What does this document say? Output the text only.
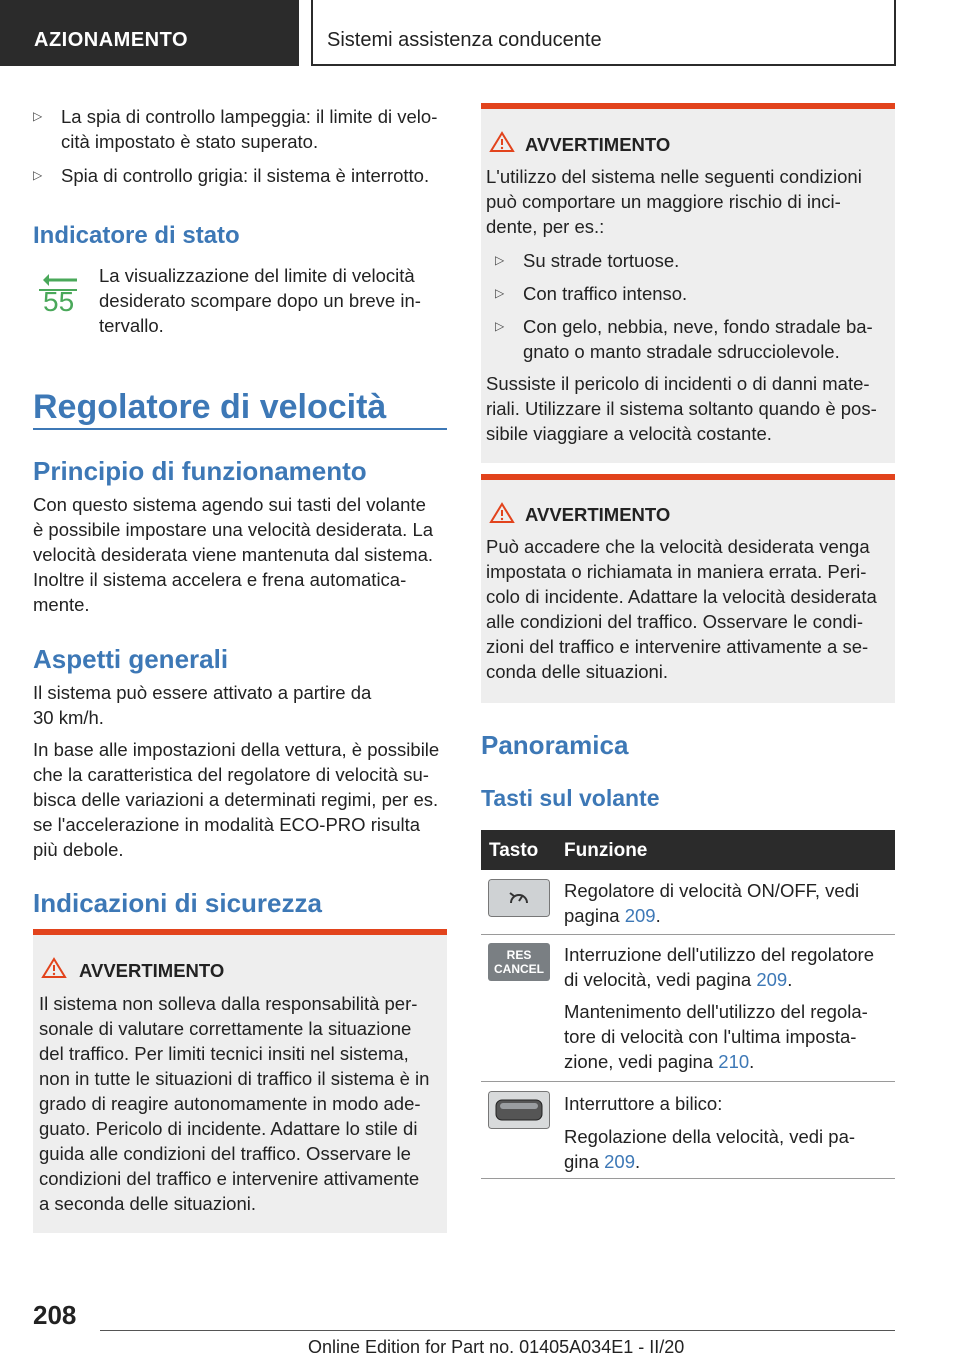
AZIONAMENTO	Sistemi assistenza conducente
▷ La spia di controllo lampeggia: il limite di velo-
cità impostato è stato superato.
▷ Spia di controllo grigia: il sistema è interrotto.
Indicatore di stato
55
La visualizzazione del limite di velocità
desiderato scompare dopo un breve in-
tervallo.
Regolatore di velocità
Principio di funzionamento
Con questo sistema agendo sui tasti del volante
è possibile impostare una velocità desiderata. La
velocità desiderata viene mantenuta dal sistema.
Inoltre il sistema accelera e frena automatica-
mente.
Aspetti generali
Il sistema può essere attivato a partire da
30 km/h.
In base alle impostazioni della vettura, è possibile
che la caratteristica del regolatore di velocità su-
bisca delle variazioni a determinati regimi, per es.
se l'accelerazione in modalità ECO-PRO risulta
più debole.
Indicazioni di sicurezza
AVVERTIMENTO
Il sistema non solleva dalla responsabilità per-
sonale di valutare correttamente la situazione
del traffico. Per limiti tecnici insiti nel sistema,
non in tutte le situazioni di traffico il sistema è in
grado di reagire autonomamente in modo ade-
guato. Pericolo di incidente. Adattare lo stile di
guida alle condizioni del traffico. Osservare le
condizioni del traffico e intervenire attivamente
a seconda delle situazioni.
AVVERTIMENTO
L'utilizzo del sistema nelle seguenti condizioni
può comportare un maggiore rischio di inci-
dente, per es.:
▷ Su strade tortuose.
▷ Con traffico intenso.
▷ Con gelo, nebbia, neve, fondo stradale ba-
gnato o manto stradale sdrucciolevole.
Sussiste il pericolo di incidenti o di danni mate-
riali. Utilizzare il sistema soltanto quando è pos-
sibile viaggiare a velocità costante.
AVVERTIMENTO
Può accadere che la velocità desiderata venga
impostata o richiamata in maniera errata. Peri-
colo di incidente. Adattare la velocità desiderata
alle condizioni del traffico. Osservare le condi-
zioni del traffico e intervenire attivamente a se-
conda delle situazioni.
Panoramica
Tasti sul volante
Tasto Funzione
Regolatore di velocità ON/OFF, vedi
pagina 209.
RES
CANCEL
Interruzione dell'utilizzo del regolatore
di velocità, vedi pagina 209.
Mantenimento dell'utilizzo del regola-
tore di velocità con l'ultima imposta-
zione, vedi pagina 210.
Interruttore a bilico:
Regolazione della velocità, vedi pa-
gina 209.
208
Online Edition for Part no. 01405A034E1 - II/20
